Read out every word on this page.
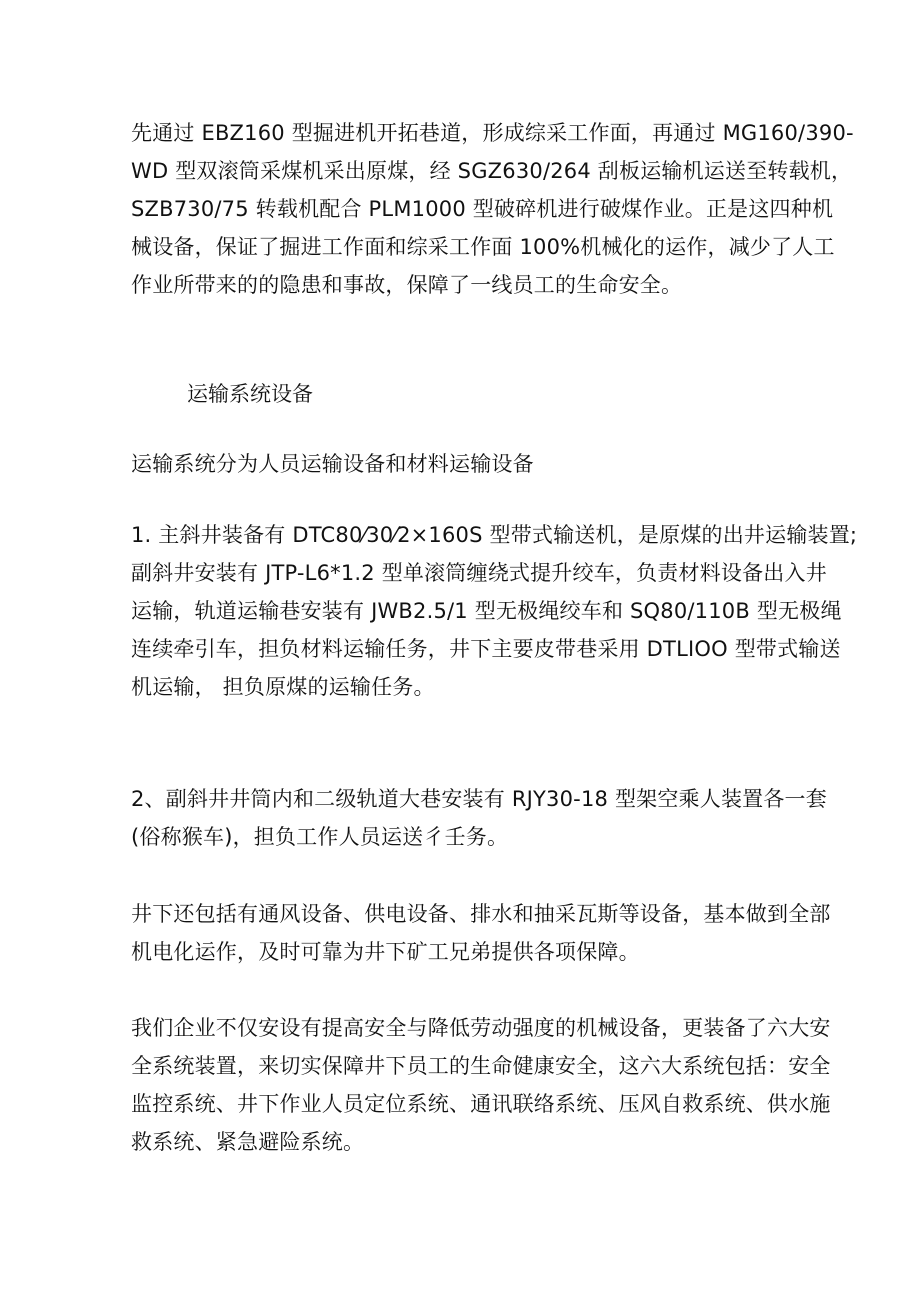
先通过 EBZ160 型掘进机开拓巷道，形成综采工作面，再通过 MG160/390-
WD 型双滚筒采煤机采出原煤，经 SGZ630/264 刮板运输机运送至转载机，
SZB730/75 转载机配合 PLM1000 型破碎机进行破煤作业。正是这四种机
械设备，保证了掘进工作面和综采工作面 100%机械化的运作，减少了人工
作业所带来的的隐患和事故，保障了一线员工的生命安全。
运输系统设备
运输系统分为人员运输设备和材料运输设备
1. 主斜井装备有 DTC80⁄30⁄2×160S 型带式输送机，是原煤的出井运输装置;
副斜井安装有 JTP-L6*1.2 型单滚筒缠绕式提升绞车，负责材料设备出入井
运输，轨道运输巷安装有 JWB2.5/1 型无极绳绞车和 SQ80/110B 型无极绳
连续牵引车，担负材料运输任务，井下主要皮带巷采用 DTLIOO 型带式输送
机运输， 担负原煤的运输任务。
2、副斜井井筒内和二级轨道大巷安装有 RJY30-18 型架空乘人装置各一套
(俗称猴车)，担负工作人员运送彳壬务。
井下还包括有通风设备、供电设备、排水和抽采瓦斯等设备，基本做到全部
机电化运作，及时可靠为井下矿工兄弟提供各项保障。
我们企业不仅安设有提高安全与降低劳动强度的机械设备，更装备了六大安
全系统装置，来切实保障井下员工的生命健康安全，这六大系统包括：安全
监控系统、井下作业人员定位系统、通讯联络系统、压风自救系统、供水施
救系统、紧急避险系统。
